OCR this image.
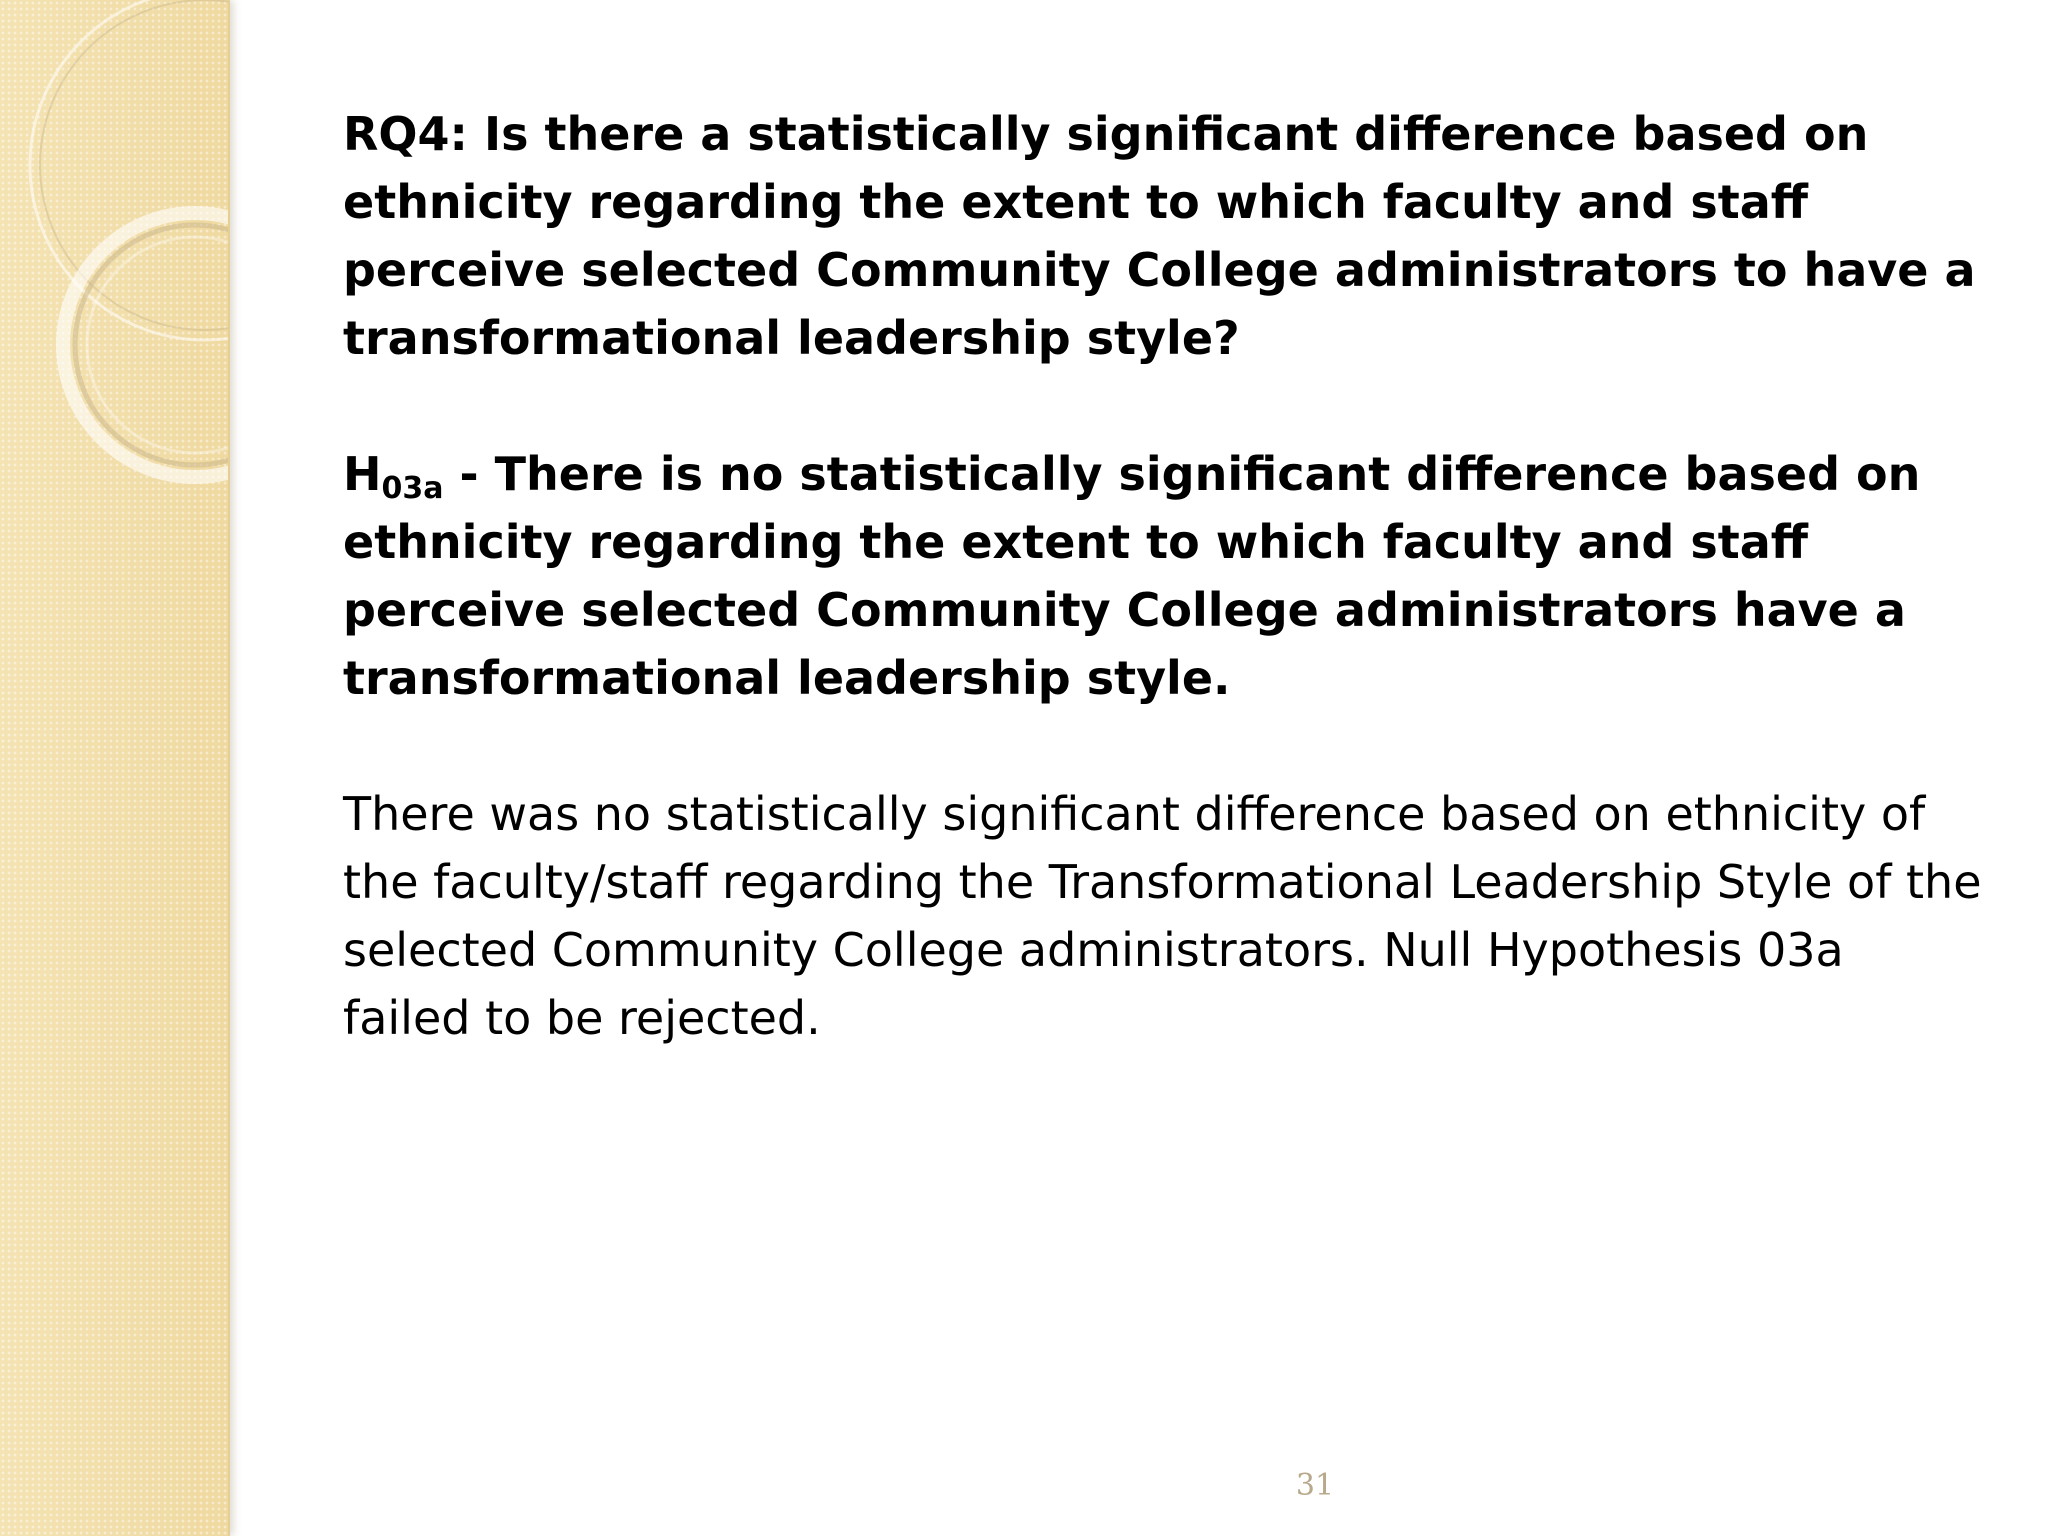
RQ4: Is there a statistically significant difference based on ethnicity regarding the extent to which faculty and staff perceive selected Community College administrators to have a transformational leadership style?

$H_{03a}$ - There is no statistically significant difference based on ethnicity regarding the extent to which faculty and staff perceive selected Community College administrators have a transformational leadership style.

There was no statistically significant difference based on ethnicity of the faculty/staff regarding the Transformational Leadership Style of the selected Community College administrators. Null Hypothesis 03a failed to be rejected.

31
